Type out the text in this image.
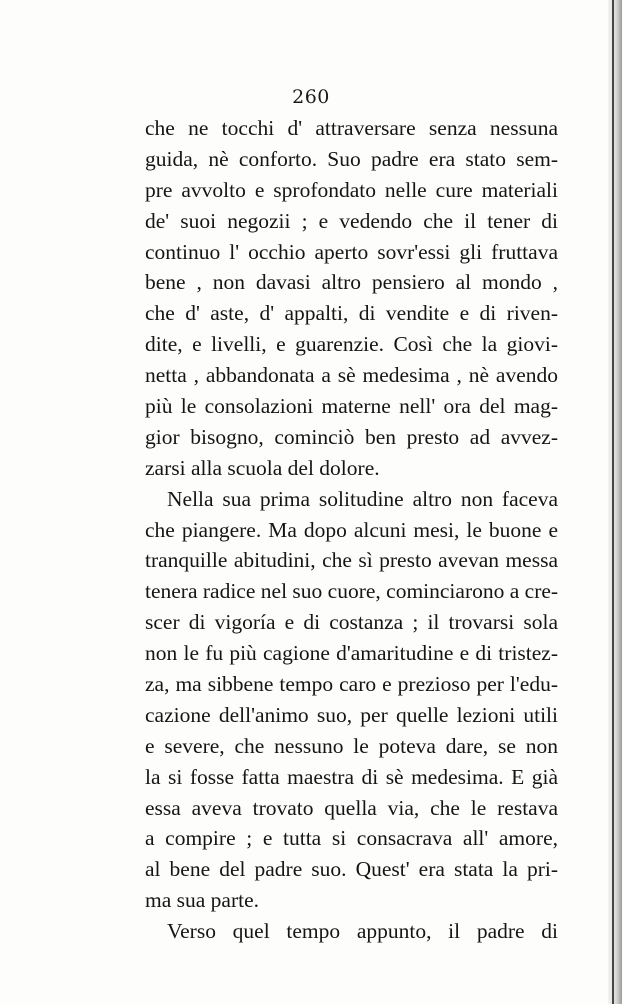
260
che ne tocchi d' attraversare senza nessuna
guida, nè conforto. Suo padre era stato sem-
pre avvolto e sprofondato nelle cure materiali
de' suoi negozii ; e vedendo che il tener di
continuo l' occhio aperto sovr'essi gli fruttava
bene , non davasi altro pensiero al mondo ,
che d' aste, d' appalti, di vendite e di riven-
dite, e livelli, e guarenzie. Così che la giovi-
netta , abbandonata a sè medesima , nè avendo
più le consolazioni materne nell' ora del mag-
gior bisogno, cominciò ben presto ad avvez-
zarsi alla scuola del dolore.
Nella sua prima solitudine altro non faceva
che piangere. Ma dopo alcuni mesi, le buone e
tranquille abitudini, che sì presto avevan messa
tenera radice nel suo cuore, cominciarono a cre-
scer di vigoría e di costanza ; il trovarsi sola
non le fu più cagione d'amaritudine e di tristez-
za, ma sibbene tempo caro e prezioso per l'edu-
cazione dell'animo suo, per quelle lezioni utili
e severe, che nessuno le poteva dare, se non
la si fosse fatta maestra di sè medesima. E già
essa aveva trovato quella via, che le restava
a compire ; e tutta si consacrava all' amore,
al bene del padre suo. Quest' era stata la pri-
ma sua parte.
Verso quel tempo appunto, il padre di
